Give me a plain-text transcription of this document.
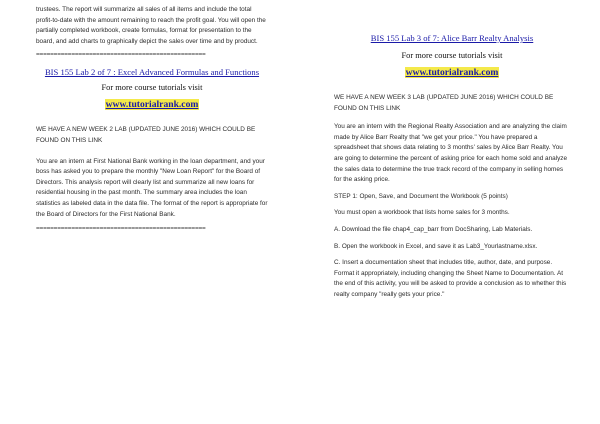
trustees. The report will summarize all sales of all items and include the total profit-to-date with the amount remaining to reach the profit goal. You will open the partially completed workbook, create formulas, format for presentation to the board, and add charts to graphically depict the sales over time and by product.

================================================

BIS 155 Lab 2 of 7 : Excel Advanced Formulas and Functions

For more course tutorials visit

www.tutorialrank.com

WE HAVE A NEW WEEK 2 LAB (UPDATED JUNE 2016) WHICH COULD BE FOUND ON THIS LINK

You are an intern at First National Bank working in the loan department, and your boss has asked you to prepare the monthly "New Loan Report" for the Board of Directors. This analysis report will clearly list and summarize all new loans for residential housing in the past month. The summary area includes the loan statistics as labeled data in the data file. The format of the report is appropriate for the Board of Directors for the First National Bank.

================================================

BIS 155 Lab 3 of 7: Alice Barr Realty Analysis

For more course tutorials visit

www.tutorialrank.com

WE HAVE A NEW WEEK 3 LAB (UPDATED JUNE 2016) WHICH COULD BE FOUND ON THIS LINK

You are an intern with the Regional Realty Association and are analyzing the claim made by Alice Barr Realty that "we get your price." You have prepared a spreadsheet that shows data relating to 3 months' sales by Alice Barr Realty. You are going to determine the percent of asking price for each home sold and analyze the sales data to determine the true track record of the company in selling homes for the asking price.

STEP 1: Open, Save, and Document the Workbook (5 points)

You must open a workbook that lists home sales for 3 months.

A. Download the file chap4_cap_barr from DocSharing, Lab Materials.

B. Open the workbook in Excel, and save it as Lab3_Yourlastname.xlsx.

C. Insert a documentation sheet that includes title, author, date, and purpose. Format it appropriately, including changing the Sheet Name to Documentation. At the end of this activity, you will be asked to provide a conclusion as to whether this realty company "really gets your price."
